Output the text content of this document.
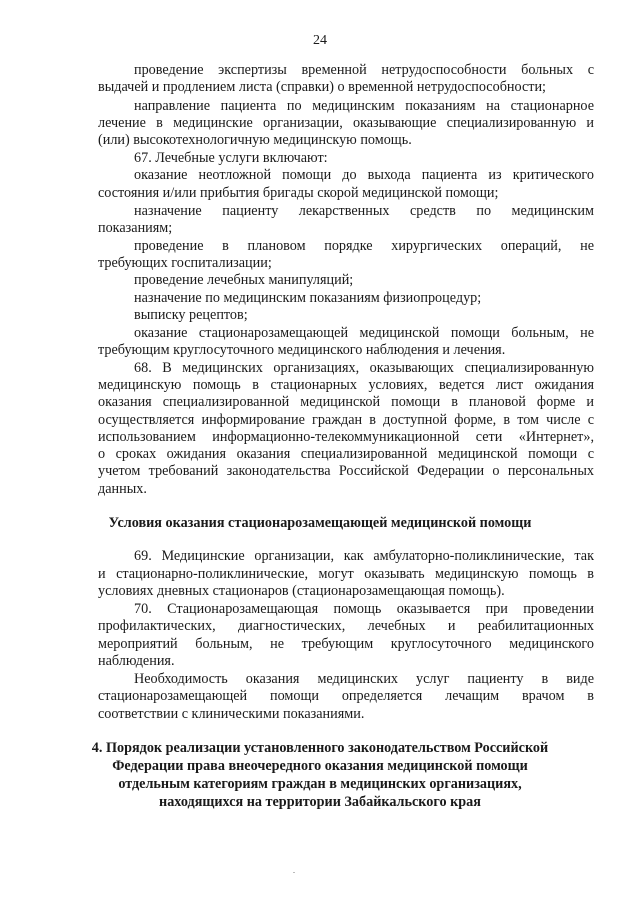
24
проведение экспертизы временной нетрудоспособности больных с
выдачей и продлением листа (справки) о временной нетрудоспособности;
направление пациента по медицинским показаниям на стационарное
лечение в медицинские организации, оказывающие специализированную и
(или) высокотехнологичную медицинскую помощь.
67. Лечебные услуги включают:
оказание неотложной помощи до выхода пациента из критического
состояния и/или прибытия бригады скорой медицинской помощи;
назначение пациенту лекарственных средств по медицинским
показаниям;
проведение в плановом порядке хирургических операций, не
требующих госпитализации;
проведение лечебных манипуляций;
назначение по медицинским показаниям физиопроцедур;
выписку рецептов;
оказание стационарозамещающей медицинской помощи больным, не
требующим круглосуточного медицинского наблюдения и лечения.
68. В медицинских организациях, оказывающих специализированную
медицинскую помощь в стационарных условиях, ведется лист ожидания
оказания специализированной медицинской помощи в плановой форме и
осуществляется информирование граждан в доступной форме, в том числе с
использованием информационно-телекоммуникационной сети «Интернет»,
о сроках ожидания оказания специализированной медицинской помощи с
учетом требований законодательства Российской Федерации о персональных
данных.
Условия оказания стационарозамещающей медицинской помощи
69. Медицинские организации, как амбулаторно-поликлинические, так
и стационарно-поликлинические, могут оказывать медицинскую помощь в
условиях дневных стационаров (стационарозамещающая помощь).
70. Стационарозамещающая помощь оказывается при проведении
профилактических, диагностических, лечебных и реабилитационных
мероприятий больным, не требующим круглосуточного медицинского
наблюдения.
Необходимость оказания медицинских услуг пациенту в виде
стационарозамещающей помощи определяется лечащим врачом в
соответствии с клиническими показаниями.
4. Порядок реализации установленного законодательством Российской
Федерации права внеочередного оказания медицинской помощи
отдельным категориям граждан в медицинских организациях,
находящихся на территории Забайкальского края
